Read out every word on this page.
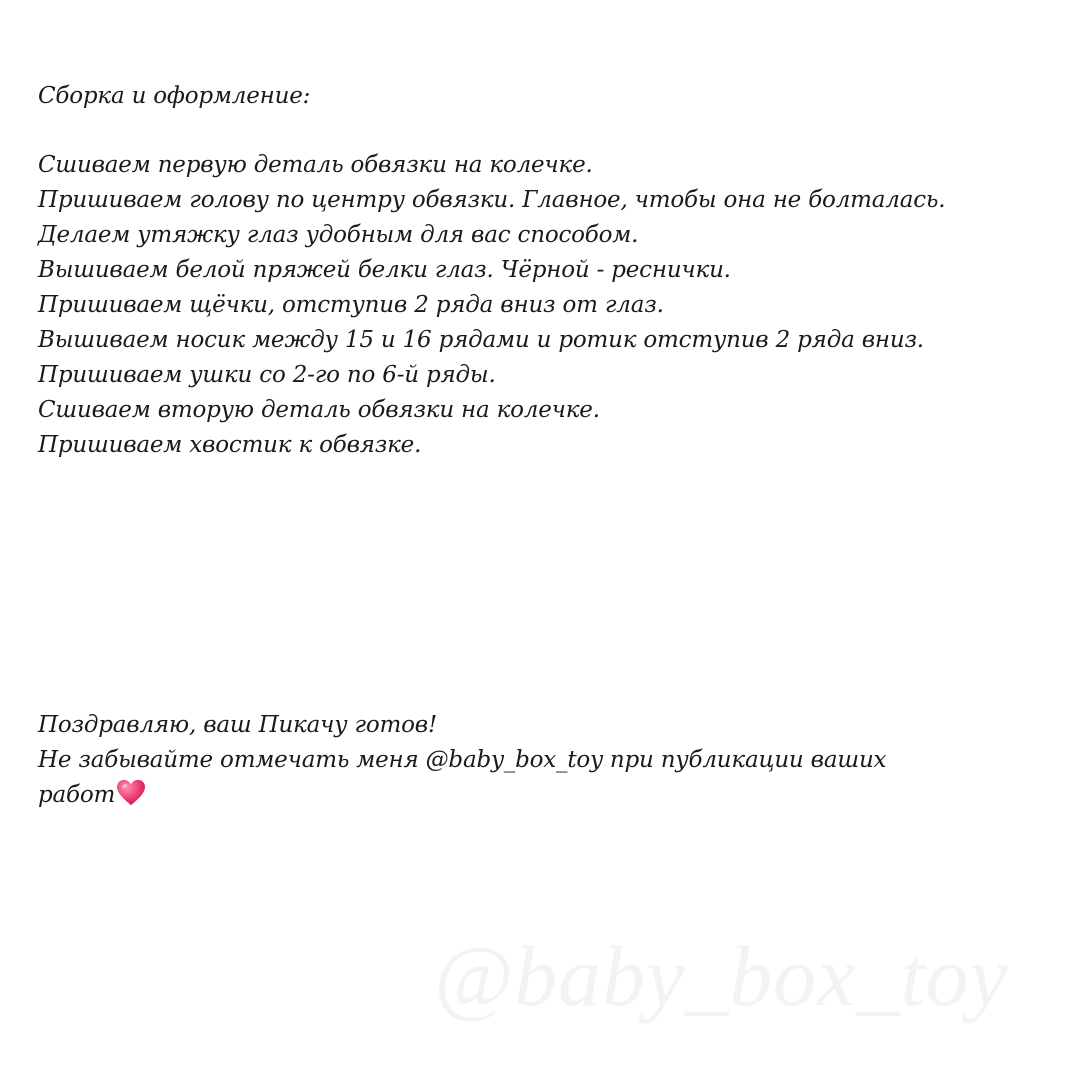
Сборка и оформление:
Сшиваем первую деталь обвязки на колечке.
Пришиваем голову по центру обвязки. Главное, чтобы она не болталась.
Делаем утяжку глаз удобным для вас способом.
Вышиваем белой пряжей белки глаз. Чёрной - реснички.
Пришиваем щёчки, отступив 2 ряда вниз от глаз.
Вышиваем носик между 15 и 16 рядами и ротик отступив 2 ряда вниз.
Пришиваем ушки со 2-го по 6-й ряды.
Сшиваем вторую деталь обвязки на колечке.
Пришиваем хвостик к обвязке.
Поздравляю, ваш Пикачу готов!
Не забывайте отмечать меня @baby_box_toy при публикации ваших
работ
@baby_box_toy
